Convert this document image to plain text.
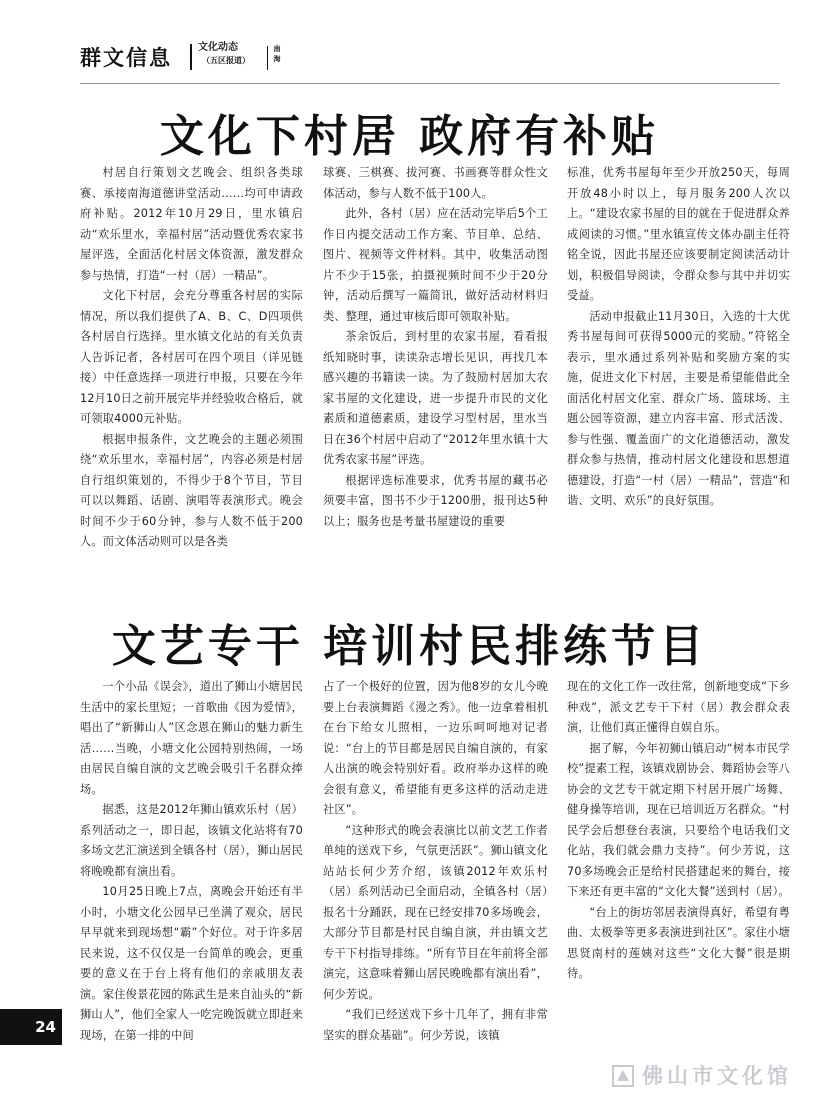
群文信息	文化动态
（五区报道）
南海
文化下村居 政府有补贴

村居自行策划文艺晚会、组织各类球赛、承接南海道德讲堂活动……均可申请政府补贴。2012年10月29日，里水镇启动“欢乐里水，幸福村居”活动暨优秀农家书屋评选，全面活化村居文体资源，激发群众参与热情，打造“一村（居）一精品”。

文化下村居，会充分尊重各村居的实际情况，所以我们提供了A、B、C、D四项供各村居自行选择。里水镇文化站的有关负责人告诉记者，各村居可在四个项目（详见链接）中任意选择一项进行申报，只要在今年12月10日之前开展完毕并经验收合格后，就可领取4000元补贴。

根据申报条件，文艺晚会的主题必须围绕“欢乐里水，幸福村居”，内容必须是村居自行组织策划的，不得少于8个节目，节目可以以舞蹈、话剧、演唱等表演形式。晚会时间不少于60分钟，参与人数不低于200人。而文体活动则可以是各类

球赛、三棋赛、拔河赛、书画赛等群众性文体活动，参与人数不低于100人。

此外，各村（居）应在活动完毕后5个工作日内提交活动工作方案、节目单、总结、图片、视频等文件材料。其中，收集活动图片不少于15张，拍摄视频时间不少于20分钟，活动后撰写一篇简讯，做好活动材料归类、整理，通过审核后即可领取补贴。

茶余饭后，到村里的农家书屋，看看报纸知晓时事，读读杂志增长见识，再找几本感兴趣的书籍读一读。为了鼓励村居加大农家书屋的文化建设，进一步提升市民的文化素质和道德素质，建设学习型村居，里水当日在36个村居中启动了“2012年里水镇十大优秀农家书屋”评选。

根据评选标准要求，优秀书屋的藏书必须要丰富，图书不少于1200册，报刊达5种以上；服务也是考量书屋建设的重要

标准，优秀书屋每年至少开放250天，每周开放48小时以上，每月服务200人次以上。“建设农家书屋的目的就在于促进群众养成阅读的习惯。”里水镇宣传文体办副主任符铭全说，因此书屋还应该要制定阅读活动计划，积极倡导阅读，令群众参与其中并切实受益。

活动申报截止11月30日，入选的十大优秀书屋每间可获得5000元的奖励。”符铭全表示，里水通过系列补贴和奖励方案的实施，促进文化下村居，主要是希望能借此全面活化村居文化室、群众广场、篮球场、主题公园等资源，建立内容丰富、形式活泼、参与性强、覆盖面广的文化道德活动，激发群众参与热情，推动村居文化建设和思想道德建设，打造“一村（居）一精品”，营造“和谐、文明、欢乐”的良好氛围。

文艺专干 培训村民排练节目

一个小品《误会》，道出了狮山小塘居民生活中的家长里短；一首歌曲《因为爱情》，唱出了“新狮山人”区念恩在狮山的魅力新生活……当晚，小塘文化公园特别热闹，一场由居民自编自演的文艺晚会吸引千名群众捧场。

据悉，这是2012年狮山镇欢乐村（居）系列活动之一，即日起，该镇文化站将有70多场文艺汇演送到全镇各村（居），狮山居民将晚晚都有演出看。

10月25日晚上7点，离晚会开始还有半小时，小塘文化公园早已坐满了观众，居民早早就来到现场想“霸”个好位。对于许多居民来说，这不仅仅是一台简单的晚会，更重要的意义在于台上将有他们的亲戚朋友表演。家住俊景花园的陈武生是来自汕头的“新狮山人”，他们全家人一吃完晚饭就立即赶来现场，在第一排的中间

占了一个极好的位置，因为他8岁的女儿今晚要上台表演舞蹈《漫之秀》。他一边拿着相机在台下给女儿照相，一边乐呵呵地对记者说：“台上的节目都是居民自编自演的，有家人出演的晚会特别好看。政府举办这样的晚会很有意义，希望能有更多这样的活动走进社区”。

“这种形式的晚会表演比以前文艺工作者单纯的送戏下乡，气氛更活跃”。狮山镇文化站站长何少芳介绍，该镇2012年欢乐村（居）系列活动已全面启动，全镇各村（居）报名十分踊跃，现在已经安排70多场晚会，大部分节目都是村民自编自演，并由镇文艺专干下村指导排练。“所有节目在年前将全部演完，这意味着狮山居民晚晚都有演出看”，何少芳说。

“我们已经送戏下乡十几年了，拥有非常坚实的群众基础”。何少芳说，该镇

现在的文化工作一改往常，创新地变成“下乡种戏”，派文艺专干下村（居）教会群众表演，让他们真正懂得自娱自乐。

据了解，今年初狮山镇启动“树本市民学校”提素工程，该镇戏剧协会、舞蹈协会等八协会的文艺专干就定期下村居开展广场舞、健身操等培训，现在已培训近万名群众。“村民学会后想登台表演，只要给个电话我们文化站，我们就会鼎力支持”。何少芳说，这70多场晚会正是给村民搭建起来的舞台，接下来还有更丰富的“文化大餐”送到村（居）。

“台上的街坊邻居表演得真好，希望有粤曲、太极拳等更多表演进到社区”。家住小塘思贤南村的莲姨对这些“文化大餐”很是期待。

24
佛山市文化馆
